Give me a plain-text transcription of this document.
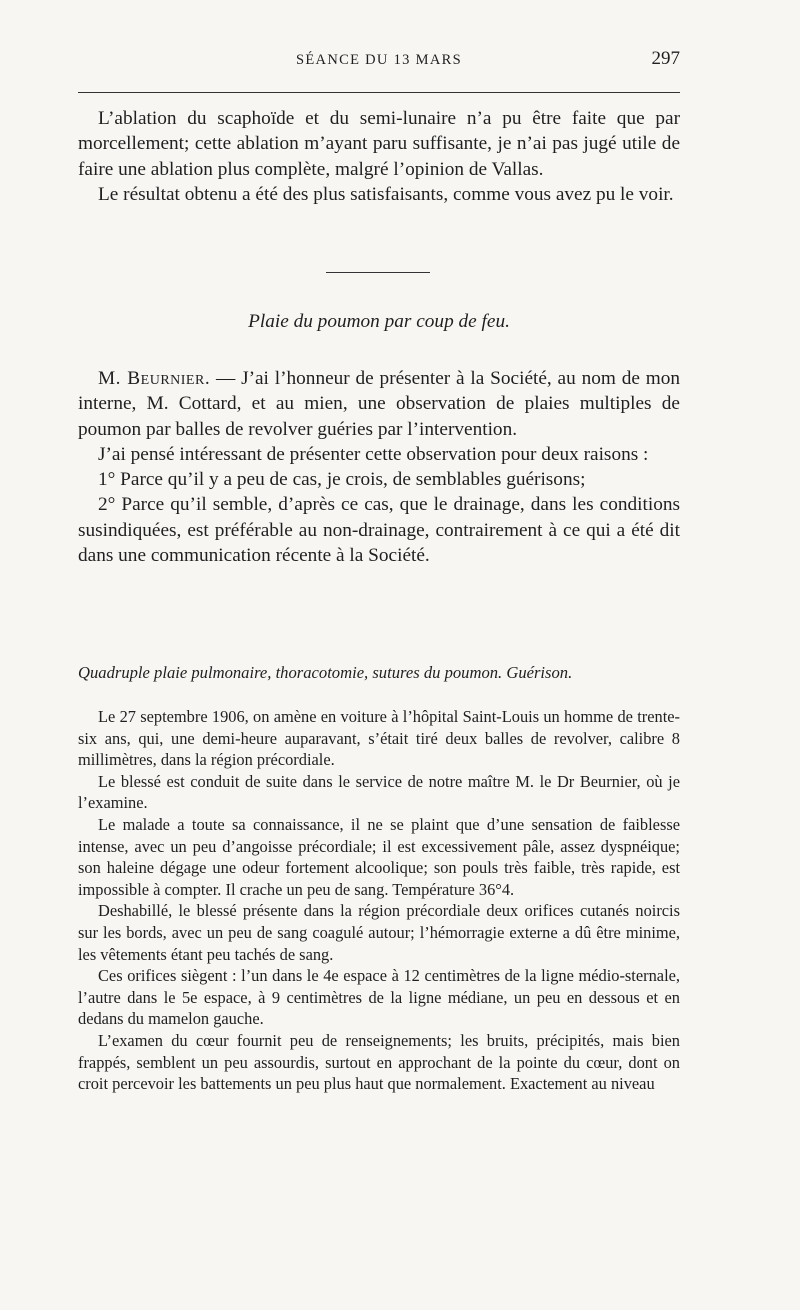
SÉANCE DU 13 MARS	297

L’ablation du scaphoïde et du semi-lunaire n’a pu être faite que par morcellement; cette ablation m’ayant paru suffisante, je n’ai pas jugé utile de faire une ablation plus complète, malgré l’opinion de Vallas.

Le résultat obtenu a été des plus satisfaisants, comme vous avez pu le voir.

Plaie du poumon par coup de feu.

M. Beurnier. — J’ai l’honneur de présenter à la Société, au nom de mon interne, M. Cottard, et au mien, une observation de plaies multiples de poumon par balles de revolver guéries par l’intervention.

J’ai pensé intéressant de présenter cette observation pour deux raisons :

1° Parce qu’il y a peu de cas, je crois, de semblables guérisons;

2° Parce qu’il semble, d’après ce cas, que le drainage, dans les conditions susindiquées, est préférable au non-drainage, contrairement à ce qui a été dit dans une communication récente à la Société.

Quadruple plaie pulmonaire, thoracotomie, sutures du poumon. Guérison.

Le 27 septembre 1906, on amène en voiture à l’hôpital Saint-Louis un homme de trente-six ans, qui, une demi-heure auparavant, s’était tiré deux balles de revolver, calibre 8 millimètres, dans la région précordiale.

Le blessé est conduit de suite dans le service de notre maître M. le Dr Beurnier, où je l’examine.

Le malade a toute sa connaissance, il ne se plaint que d’une sensation de faiblesse intense, avec un peu d’angoisse précordiale; il est excessivement pâle, assez dyspnéique; son haleine dégage une odeur fortement alcoolique; son pouls très faible, très rapide, est impossible à compter. Il crache un peu de sang. Température 36°4.

Deshabillé, le blessé présente dans la région précordiale deux orifices cutanés noircis sur les bords, avec un peu de sang coagulé autour; l’hémorragie externe a dû être minime, les vêtements étant peu tachés de sang.

Ces orifices siègent : l’un dans le 4e espace à 12 centimètres de la ligne médio-sternale, l’autre dans le 5e espace, à 9 centimètres de la ligne médiane, un peu en dessous et en dedans du mamelon gauche.

L’examen du cœur fournit peu de renseignements; les bruits, précipités, mais bien frappés, semblent un peu assourdis, surtout en approchant de la pointe du cœur, dont on croit percevoir les battements un peu plus haut que normalement. Exactement au niveau
